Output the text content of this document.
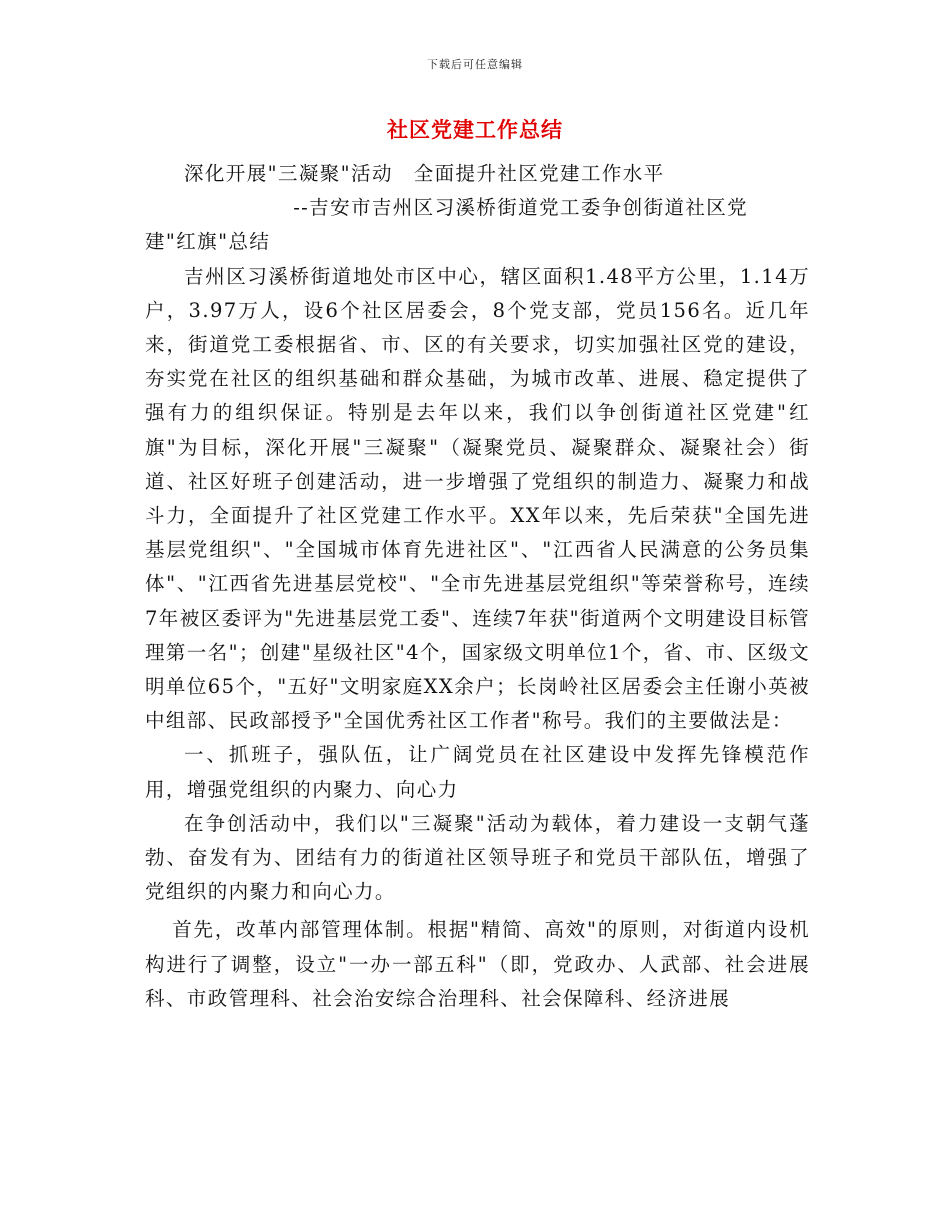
下载后可任意编辑
社区党建工作总结

深化开展"三凝聚"活动　全面提升社区党建工作水平

--吉安市吉州区习溪桥街道党工委争创街道社区党

建"红旗"总结

吉州区习溪桥街道地处市区中心，辖区面积1.48平方公里，1.14万户，3.97万人，设6个社区居委会，8个党支部，党员156名。近几年来，街道党工委根据省、市、区的有关要求，切实加强社区党的建设，夯实党在社区的组织基础和群众基础，为城市改革、进展、稳定提供了强有力的组织保证。特别是去年以来，我们以争创街道社区党建"红旗"为目标，深化开展"三凝聚"（凝聚党员、凝聚群众、凝聚社会）街道、社区好班子创建活动，进一步增强了党组织的制造力、凝聚力和战斗力，全面提升了社区党建工作水平。XX年以来，先后荣获"全国先进基层党组织"、"全国城市体育先进社区"、"江西省人民满意的公务员集体"、"江西省先进基层党校"、"全市先进基层党组织"等荣誉称号，连续7年被区委评为"先进基层党工委"、连续7年获"街道两个文明建设目标管理第一名"；创建"星级社区"4个，国家级文明单位1个，省、市、区级文明单位65个，"五好"文明家庭XX余户；长岗岭社区居委会主任谢小英被中组部、民政部授予"全国优秀社区工作者"称号。我们的主要做法是：

一、抓班子，强队伍，让广阔党员在社区建设中发挥先锋模范作用，增强党组织的内聚力、向心力

在争创活动中，我们以"三凝聚"活动为载体，着力建设一支朝气蓬勃、奋发有为、团结有力的街道社区领导班子和党员干部队伍，增强了党组织的内聚力和向心力。

首先，改革内部管理体制。根据"精简、高效"的原则，对街道内设机构进行了调整，设立"一办一部五科"（即，党政办、人武部、社会进展科、市政管理科、社会治安综合治理科、社会保障科、经济进展
